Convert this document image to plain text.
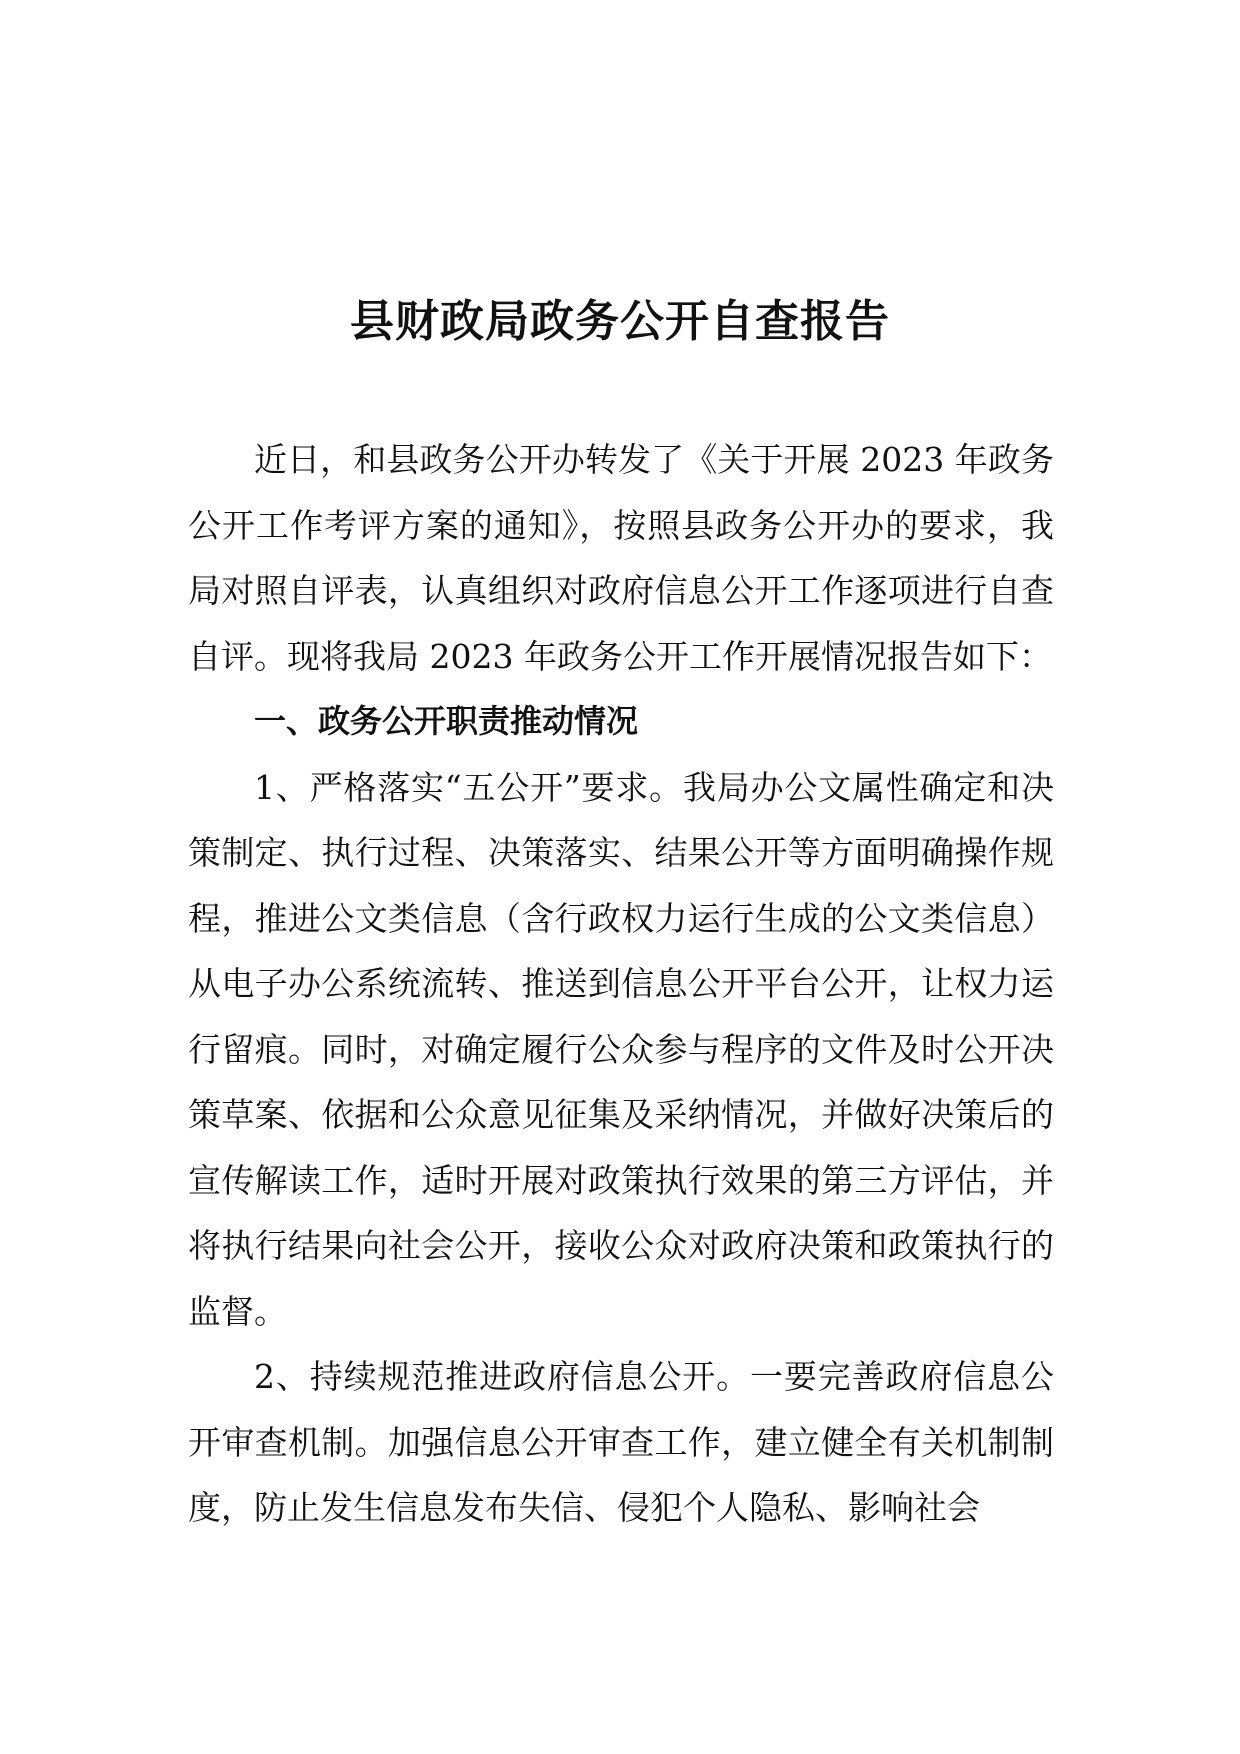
县财政局政务公开自查报告

近日，和县政务公开办转发了《关于开展 2023 年政务公开工作考评方案的通知》，按照县政务公开办的要求，我局对照自评表，认真组织对政府信息公开工作逐项进行自查自评。现将我局 2023 年政务公开工作开展情况报告如下：

一、政务公开职责推动情况

1、严格落实“五公开”要求。我局办公文属性确定和决策制定、执行过程、决策落实、结果公开等方面明确操作规程，推进公文类信息（含行政权力运行生成的公文类信息）从电子办公系统流转、推送到信息公开平台公开，让权力运行留痕。同时，对确定履行公众参与程序的文件及时公开决策草案、依据和公众意见征集及采纳情况，并做好决策后的宣传解读工作，适时开展对政策执行效果的第三方评估，并将执行结果向社会公开，接收公众对政府决策和政策执行的监督。

2、持续规范推进政府信息公开。一要完善政府信息公开审查机制。加强信息公开审查工作，建立健全有关机制制度，防止发生信息发布失信、侵犯个人隐私、影响社会
